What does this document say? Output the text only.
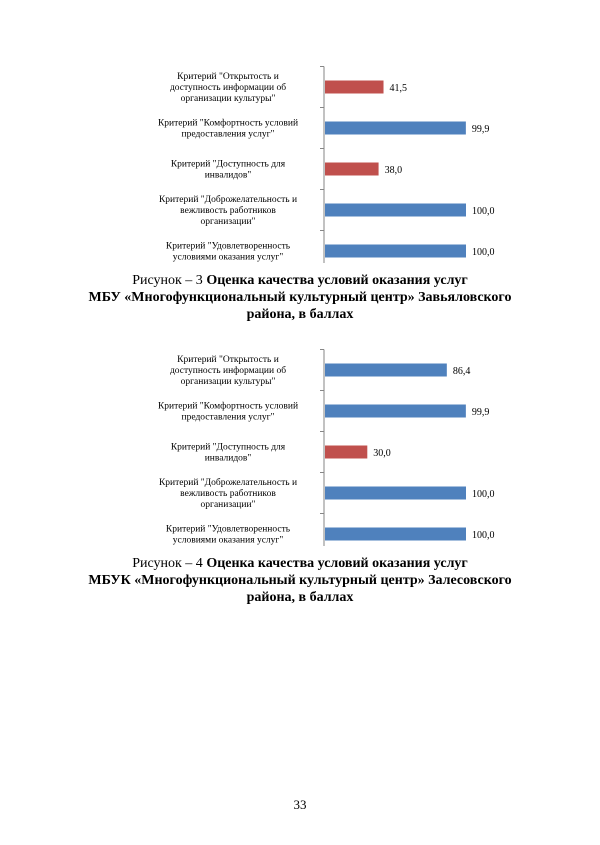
Критерий "Открытость и доступность информации об организации культуры"
41,5
Критерий "Комфортность условий предоставления услуг"	99,9
Критерий "Доступность для инвалидов"	38,0
Критерий "Доброжелательность и вежливость работников организации"
100,0
Критерий "Удовлетворенность условиями оказания услуг"	100,0
Рисунок – 3 Оценка качества условий оказания услуг
МБУ «Многофункциональный культурный центр» Завьяловского
района, в баллах
Критерий "Открытость и доступность информации об организации культуры"
86,4
Критерий "Комфортность условий предоставления услуг"	99,9
Критерий "Доступность для инвалидов"	30,0
Критерий "Доброжелательность и вежливость работников организации"
100,0
Критерий "Удовлетворенность условиями оказания услуг"	100,0
Рисунок – 4 Оценка качества условий оказания услуг
МБУК «Многофункциональный культурный центр» Залесовского
района, в баллах
33
